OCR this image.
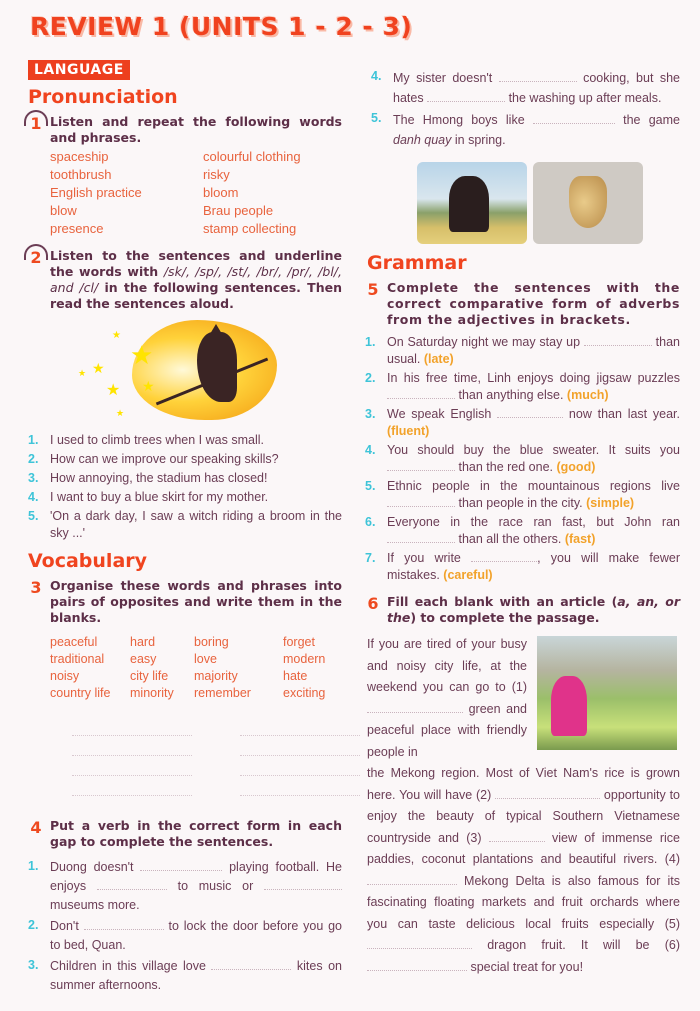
REVIEW 1 (UNITS 1 - 2 - 3)
LANGUAGE
Pronunciation
1 Listen and repeat the following words and phrases.
spaceship	colourful clothing
toothbrush	risky
English practice	bloom
blow	Brau people
presence	stamp collecting
2 Listen to the sentences and underline the words with /sk/, /sp/, /st/, /br/, /pr/, /bl/, and /cl/ in the following sentences. Then read the sentences aloud.
★
★
★
★ ★
★
★
1. I used to climb trees when I was small.
2. How can we improve our speaking skills?
3. How annoying, the stadium has closed!
4. I want to buy a blue skirt for my mother.
5. 'On a dark day, I saw a witch riding a broom in the sky ...'
Vocabulary
3 Organise these words and phrases into pairs of opposites and write them in the blanks.
peaceful	hard	boring	forget
traditional	easy	love	modern
noisy	city life	majority	hate
country life	minority	remember	exciting
4 Put a verb in the correct form in each gap to complete the sentences.
1. Duong doesn't	playing football. He enjoys	to music or  museums more.
2. Don't	to lock the door before you go to bed, Quan.
3. Children in this village love	kites on summer afternoons.
4. My sister doesn't	cooking, but she hates	the washing up after meals.
5. The Hmong boys like	the game danh quay in spring.
Grammar
5 Complete the sentences with the correct comparative form of adverbs from the adjectives in brackets.
1. On Saturday night we may stay up	than usual. (late)
2. In his free time, Linh enjoys doing jigsaw puzzles  than anything else. (much)
3. We speak English	now than last year. (fluent)
4. You should buy the blue sweater. It suits you  than the red one. (good)
5. Ethnic people in the mountainous regions live  than people in the city. (simple)
6. Everyone in the race ran fast, but John ran  than all the others. (fast)
7. If you write	, you will make fewer mistakes. (careful)
6 Fill each blank with an article (a, an, or the) to complete the passage.
If you are tired of your busy and noisy city life, at the weekend you can go to (1) green and peaceful place with friendly people in
the Mekong region. Most of Viet Nam's rice is grown here. You will have (2)	opportunity to enjoy the beauty of typical Southern Vietnamese countryside and (3)	view of immense rice paddies, coconut plantations and beautiful rivers. (4)  Mekong Delta is also famous for its fascinating floating markets and fruit orchards where you can taste delicious local fruits especially (5)  dragon fruit. It will be (6)  special treat for you!
